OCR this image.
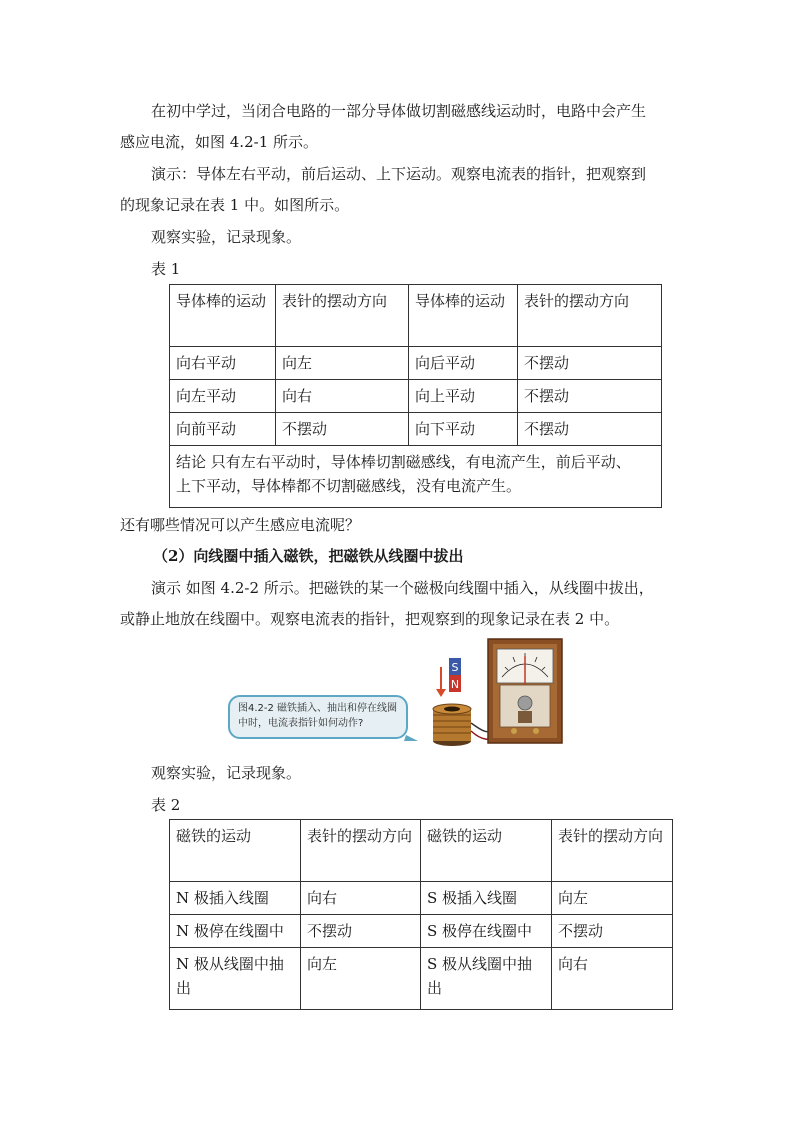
在初中学过，当闭合电路的一部分导体做切割磁感线运动时，电路中会产生
感应电流，如图 4.2-1 所示。
演示：导体左右平动，前后运动、上下运动。观察电流表的指针，把观察到
的现象记录在表 1 中。如图所示。
观察实验，记录现象。
表 1
导体棒的运动	表针的摆动方向	导体棒的运动	表针的摆动方向
向右平动	向左	向后平动	不摆动
向左平动	向右	向上平动	不摆动
向前平动	不摆动	向下平动	不摆动

结论 只有左右平动时，导体棒切割磁感线，有电流产生，前后平动、
上下平动，导体棒都不切割磁感线，没有电流产生。			
还有哪些情况可以产生感应电流呢？
（2）向线圈中插入磁铁，把磁铁从线圈中拔出
演示 如图 4.2-2 所示。把磁铁的某一个磁极向线圈中插入，从线圈中拔出，
或静止地放在线圈中。观察电流表的指针，把观察到的现象记录在表 2 中。
图4.2-2 磁铁插入、抽出和停在线圈中时，电流表指针如何动作?
S
N
观察实验，记录现象。
表 2
磁铁的运动	表针的摆动方向	磁铁的运动	表针的摆动方向
N 极插入线圈	向右	S 极插入线圈	向左
N 极停在线圈中	不摆动	S 极停在线圈中	不摆动
N 极从线圈中抽出	向左	S 极从线圈中抽出	向右
